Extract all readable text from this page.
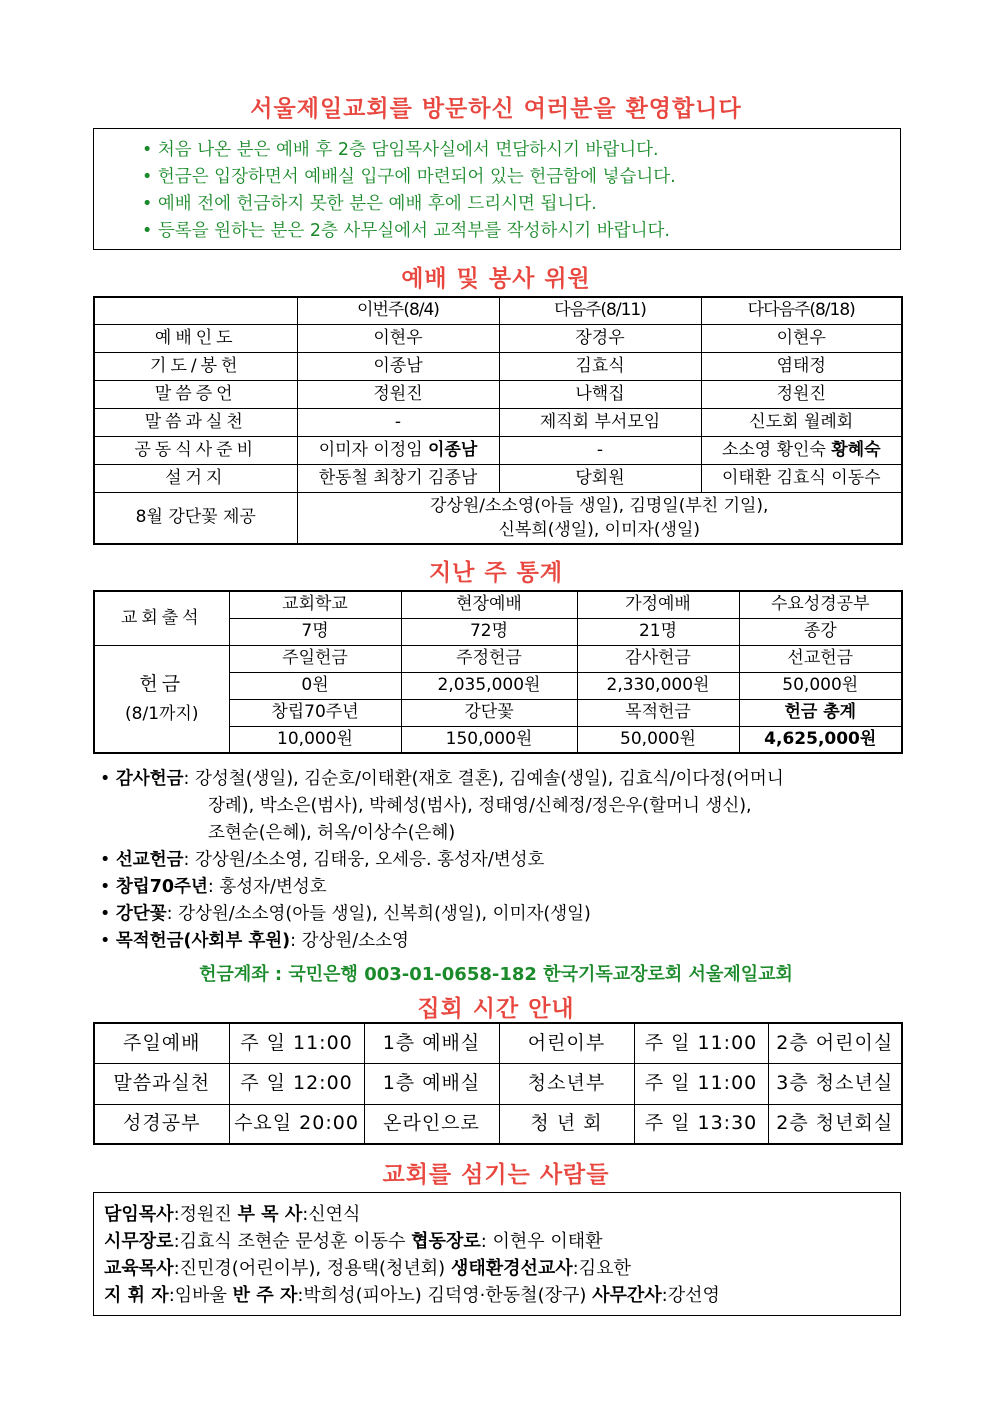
서울제일교회를 방문하신 여러분을 환영합니다
• 처음 나온 분은 예배 후 2층 담임목사실에서 면담하시기 바랍니다.
• 헌금은 입장하면서 예배실 입구에 마련되어 있는 헌금함에 넣습니다.
• 예배 전에 헌금하지 못한 분은 예배 후에 드리시면 됩니다.
• 등록을 원하는 분은 2층 사무실에서 교적부를 작성하시기 바랍니다.
예배 및 봉사 위원
	이번주(8/4)	다음주(8/11)	다다음주(8/18)
예배인도	이현우	장경우	이현우
기도/봉헌	이종남	김효식	염태정
말씀증언	정원진	나핵집	정원진
말씀과실천	-	제직회 부서모임	신도회 월례회
공동식사준비	이미자 이정임 이종남	-	소소영 황인숙 황혜숙
설거지	한동철 최창기 김종남	당회원	이태환 김효식 이동수
8월 강단꽃 제공	강상원/소소영(아들 생일), 김명일(부친 기일),
신복희(생일), 이미자(생일)		
지난 주 통계
교회출석	교회학교	현장예배	가정예배	수요성경공부
	7명	72명	21명	종강

헌금
(8/1까지)	주일헌금	주정헌금	감사헌금	선교헌금
	0원	2,035,000원	2,330,000원	50,000원
	창립70주년	강단꽃	목적헌금	헌금 총계
	10,000원	150,000원	50,000원	4,625,000원
• 감사헌금: 강성철(생일), 김순호/이태환(재호 결혼), 김예솔(생일), 김효식/이다정(어머니
장례), 박소은(범사), 박혜성(범사), 정태영/신혜정/정은우(할머니 생신),
조현순(은혜), 허옥/이상수(은혜)
• 선교헌금: 강상원/소소영, 김태웅, 오세응. 홍성자/변성호
• 창립70주년: 홍성자/변성호
• 강단꽃: 강상원/소소영(아들 생일), 신복희(생일), 이미자(생일)
• 목적헌금(사회부 후원): 강상원/소소영
헌금계좌 : 국민은행 003-01-0658-182 한국기독교장로회 서울제일교회
집회 시간 안내
주일예배	주 일 11:00	1층 예배실	어린이부	주 일 11:00	2층 어린이실
말씀과실천	주 일 12:00	1층 예배실	청소년부	주 일 11:00	3층 청소년실
성경공부	수요일 20:00	온라인으로	청 년 회	주 일 13:30	2층 청년회실
교회를 섬기는 사람들
담임목사:정원진 부 목 사:신연식
시무장로:김효식 조현순 문성훈 이동수 협동장로: 이현우 이태환
교육목사:진민경(어린이부), 정용택(청년회) 생태환경선교사:김요한
지 휘 자:임바울 반 주 자:박희성(피아노) 김덕영·한동철(장구) 사무간사:강선영
